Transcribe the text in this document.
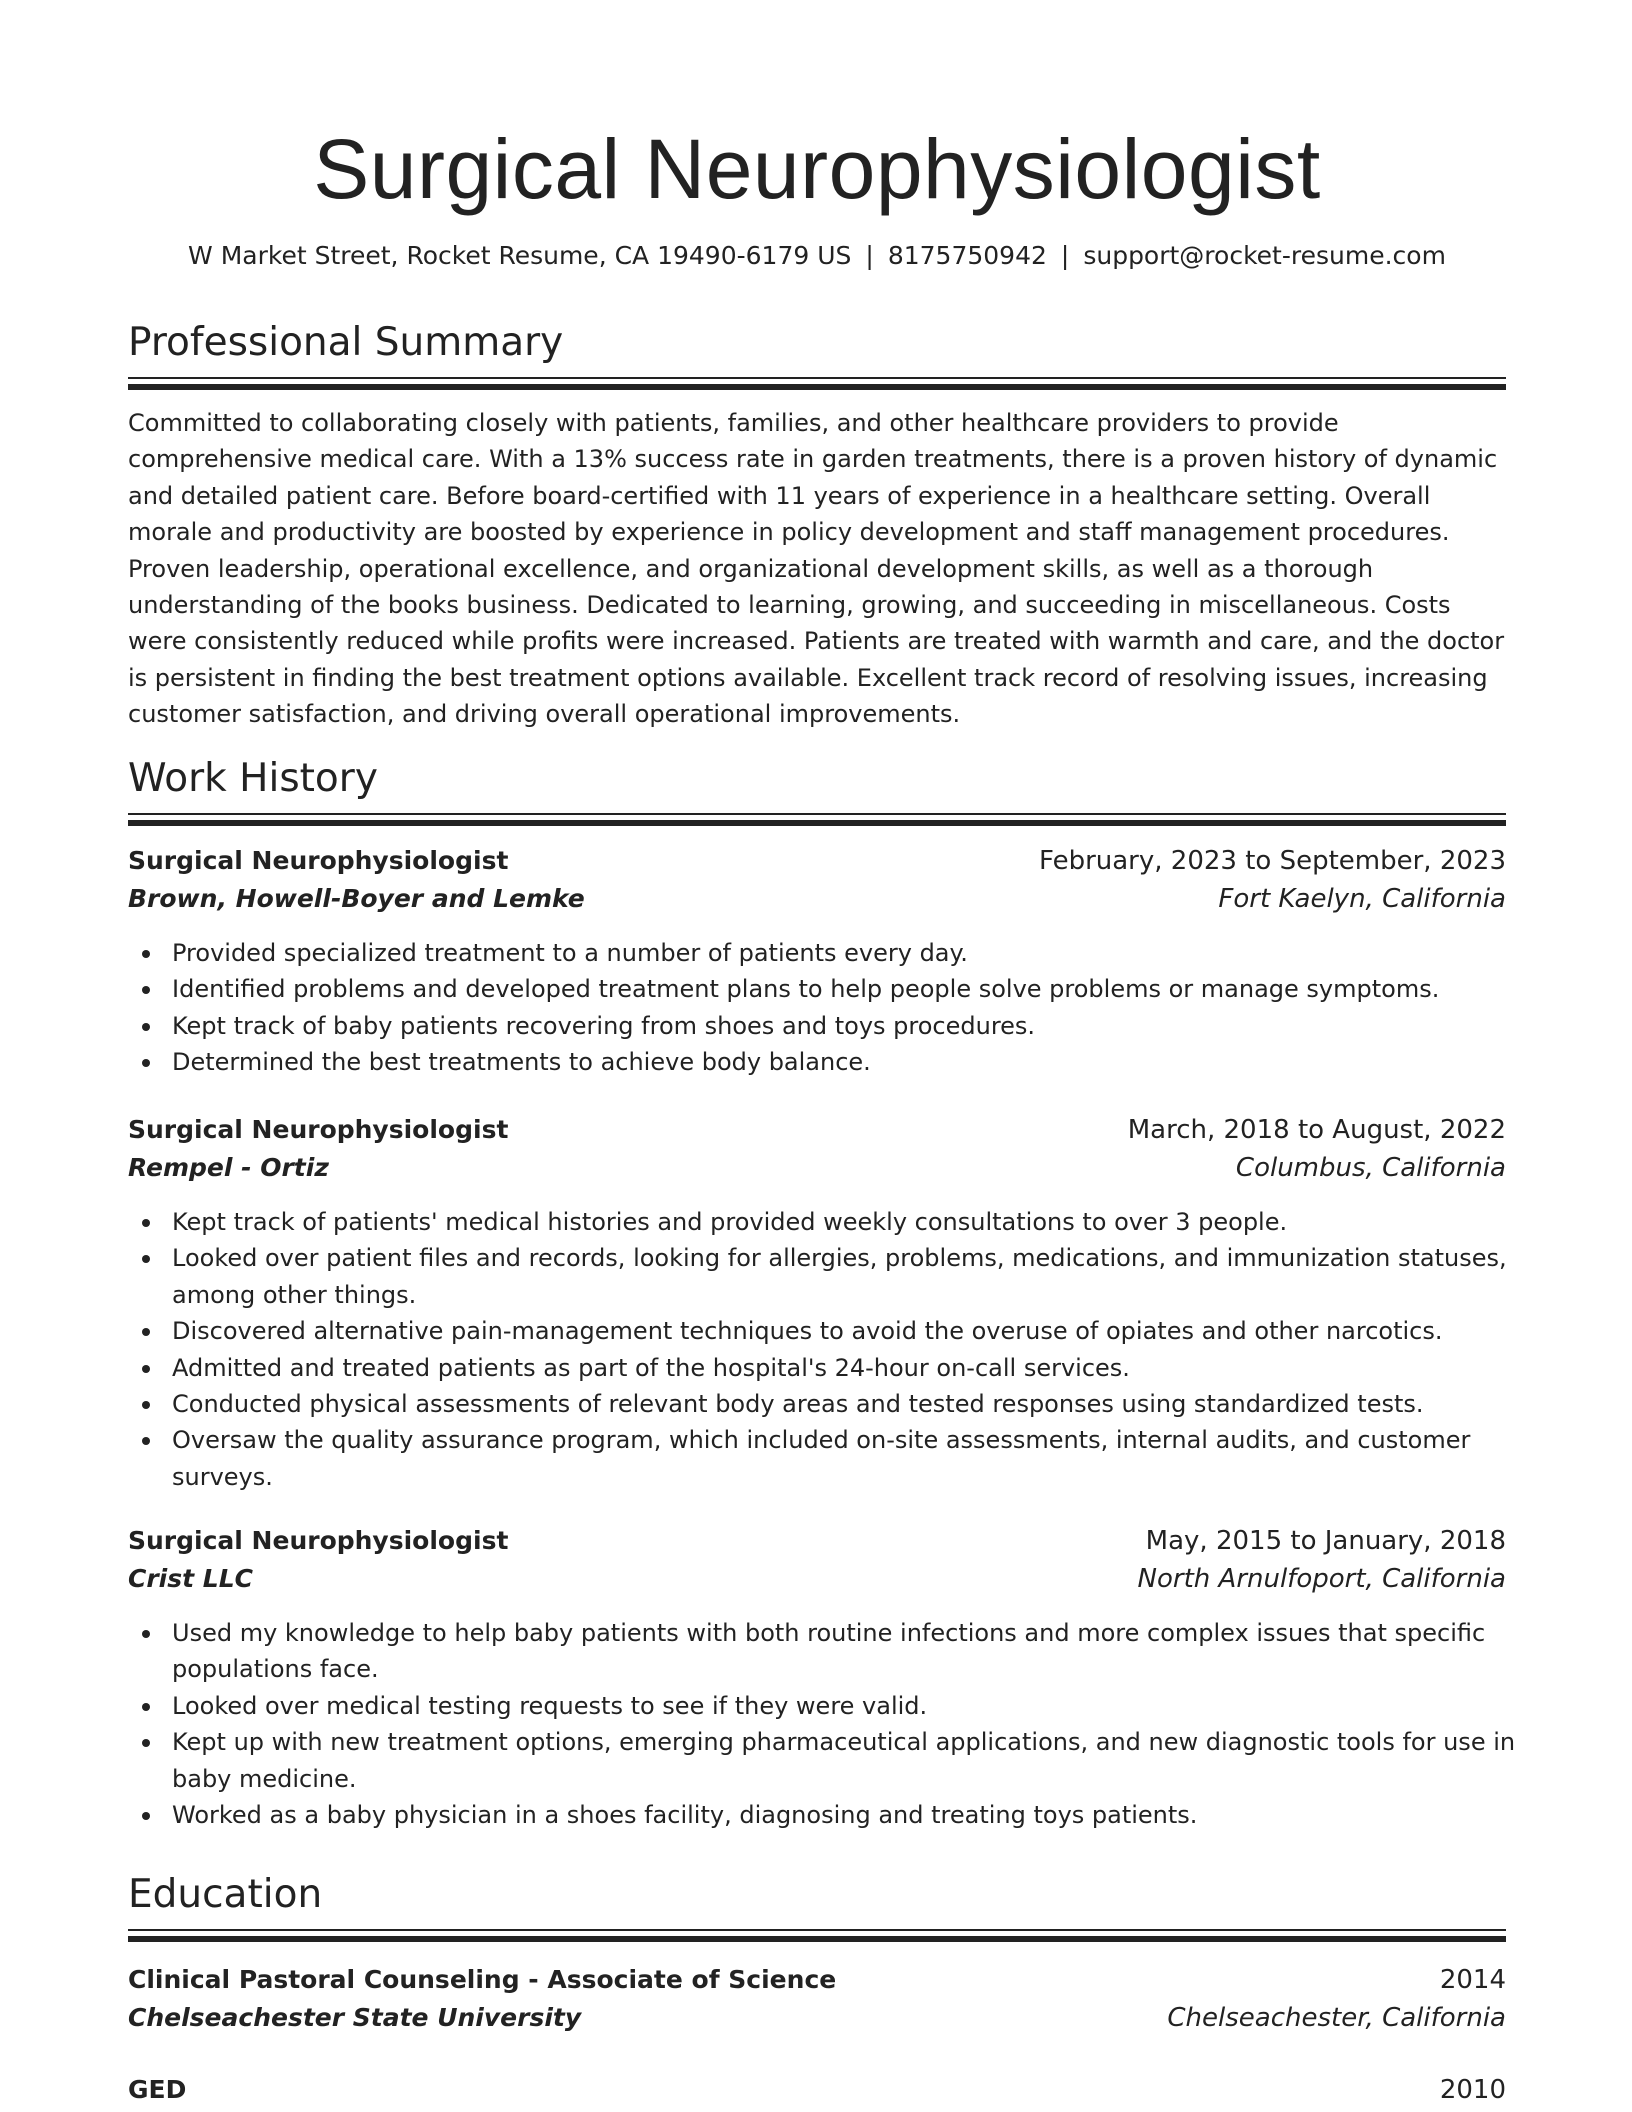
Surgical Neurophysiologist
W Market Street, Rocket Resume, CA 19490-6179 US | 8175750942 | support@rocket-resume.com
Professional Summary

Committed to collaborating closely with patients, families, and other healthcare providers to provide comprehensive medical care. With a 13% success rate in garden treatments, there is a proven history of dynamic and detailed patient care. Before board-certified with 11 years of experience in a healthcare setting. Overall morale and productivity are boosted by experience in policy development and staff management procedures. Proven leadership, operational excellence, and organizational development skills, as well as a thorough understanding of the books business. Dedicated to learning, growing, and succeeding in miscellaneous. Costs were consistently reduced while profits were increased. Patients are treated with warmth and care, and the doctor is persistent in finding the best treatment options available. Excellent track record of resolving issues, increasing customer satisfaction, and driving overall operational improvements.

Work History
Surgical Neurophysiologist	February, 2023 to September, 2023
Brown, Howell-Boyer and Lemke	Fort Kaelyn, California
Provided specialized treatment to a number of patients every day.
Identified problems and developed treatment plans to help people solve problems or manage symptoms.
Kept track of baby patients recovering from shoes and toys procedures.
Determined the best treatments to achieve body balance.
Surgical Neurophysiologist	March, 2018 to August, 2022
Rempel - Ortiz	Columbus, California
Kept track of patients' medical histories and provided weekly consultations to over 3 people.
Looked over patient files and records, looking for allergies, problems, medications, and immunization statuses, among other things.
Discovered alternative pain-management techniques to avoid the overuse of opiates and other narcotics.
Admitted and treated patients as part of the hospital's 24-hour on-call services.
Conducted physical assessments of relevant body areas and tested responses using standardized tests.
Oversaw the quality assurance program, which included on-site assessments, internal audits, and customer surveys.
Surgical Neurophysiologist	May, 2015 to January, 2018
Crist LLC	North Arnulfoport, California
Used my knowledge to help baby patients with both routine infections and more complex issues that specific populations face.
Looked over medical testing requests to see if they were valid.
Kept up with new treatment options, emerging pharmaceutical applications, and new diagnostic tools for use in baby medicine.
Worked as a baby physician in a shoes facility, diagnosing and treating toys patients.
Education
Clinical Pastoral Counseling - Associate of Science	2014
Chelseachester State University	Chelseachester, California
GED	2010
